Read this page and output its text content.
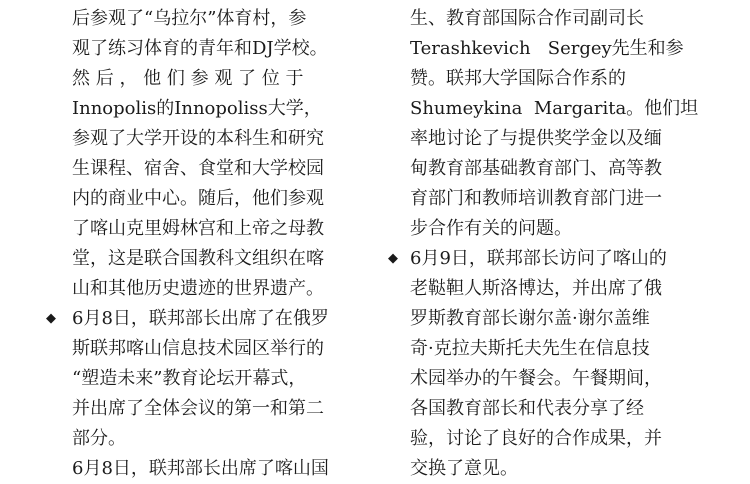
后参观了“乌拉尔”体育村，参
观了练习体育的青年和DJ学校。
然 后 ， 他 们 参 观 了 位 于
Innopolis的Innopoliss大学，
参观了大学开设的本科生和研究
生课程、宿舍、食堂和大学校园
内的商业中心。随后，他们参观
了喀山克里姆林宫和上帝之母教
堂，这是联合国教科文组织在喀
山和其他历史遗迹的世界遗产。
◆ 6月8日，联邦部长出席了在俄罗
斯联邦喀山信息技术园区举行的
“塑造未来”教育论坛开幕式，
并出席了全体会议的第一和第二
部分。
6月8日，联邦部长出席了喀山国
生、教育部国际合作司副司长
Terashkevich   Sergey先生和参
赞。联邦大学国际合作系的
Shumeykina  Margarita。他们坦
率地讨论了与提供奖学金以及缅
甸教育部基础教育部门、高等教
育部门和教师培训教育部门进一
步合作有关的问题。
◆ 6月9日，联邦部长访问了喀山的
老鞑靼人斯洛博达，并出席了俄
罗斯教育部长谢尔盖·谢尔盖维
奇·克拉夫斯托夫先生在信息技
术园举办的午餐会。午餐期间，
各国教育部长和代表分享了经
验，讨论了良好的合作成果，并
交换了意见。
